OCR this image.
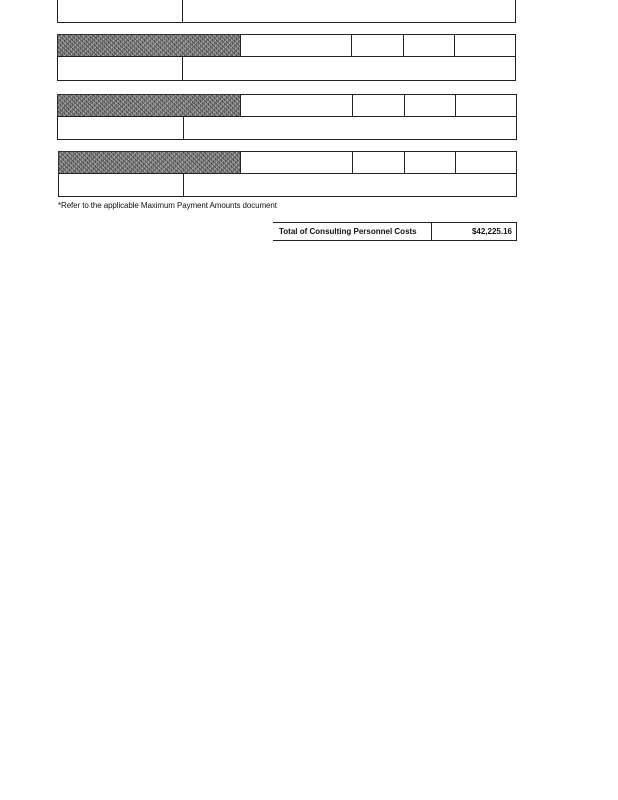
*Refer to the applicable Maximum Payment Amounts document
Total of Consulting Personnel Costs	$42,225.16
